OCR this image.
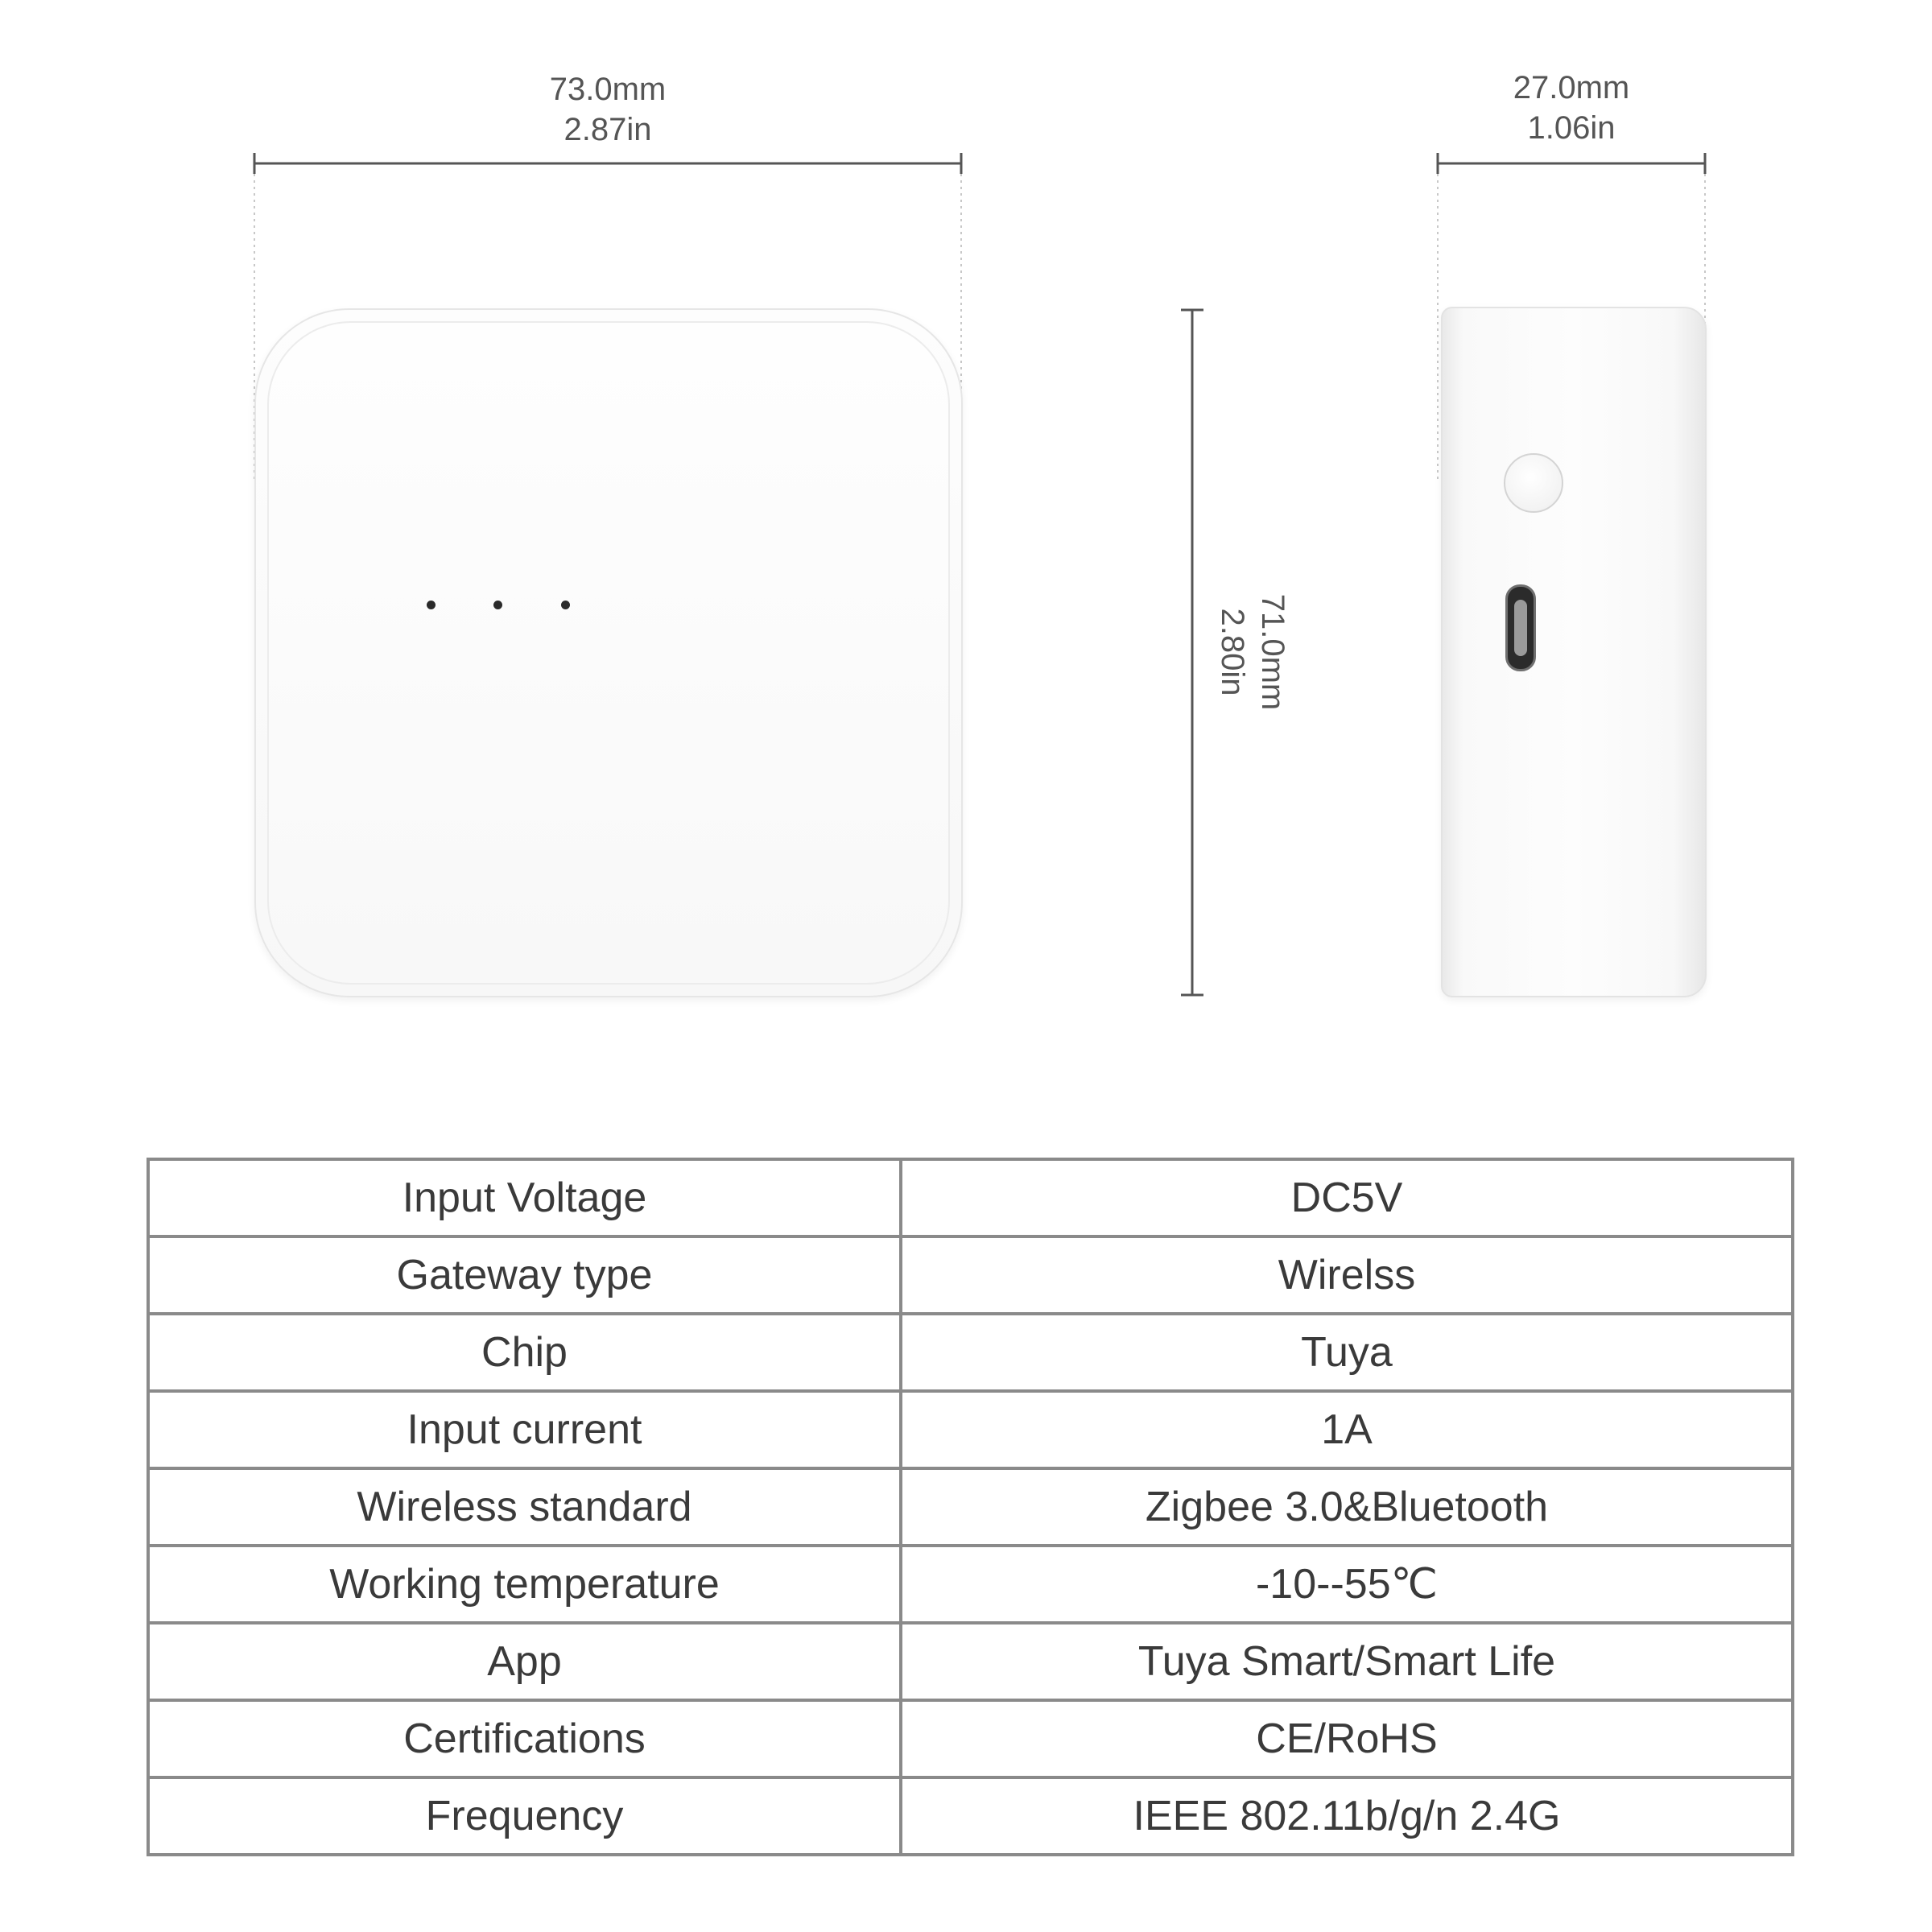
73.0mm
2.87in
27.0mm
1.06in
71.0mm
2.80in
Input Voltage	DC5V
Gateway type	Wirelss
Chip	Tuya
Input current	1A
Wireless standard	Zigbee 3.0&Bluetooth
Working temperature	-10--55℃
App	Tuya Smart/Smart Life
Certifications	CE/RoHS
Frequency	IEEE 802.11b/g/n 2.4G
